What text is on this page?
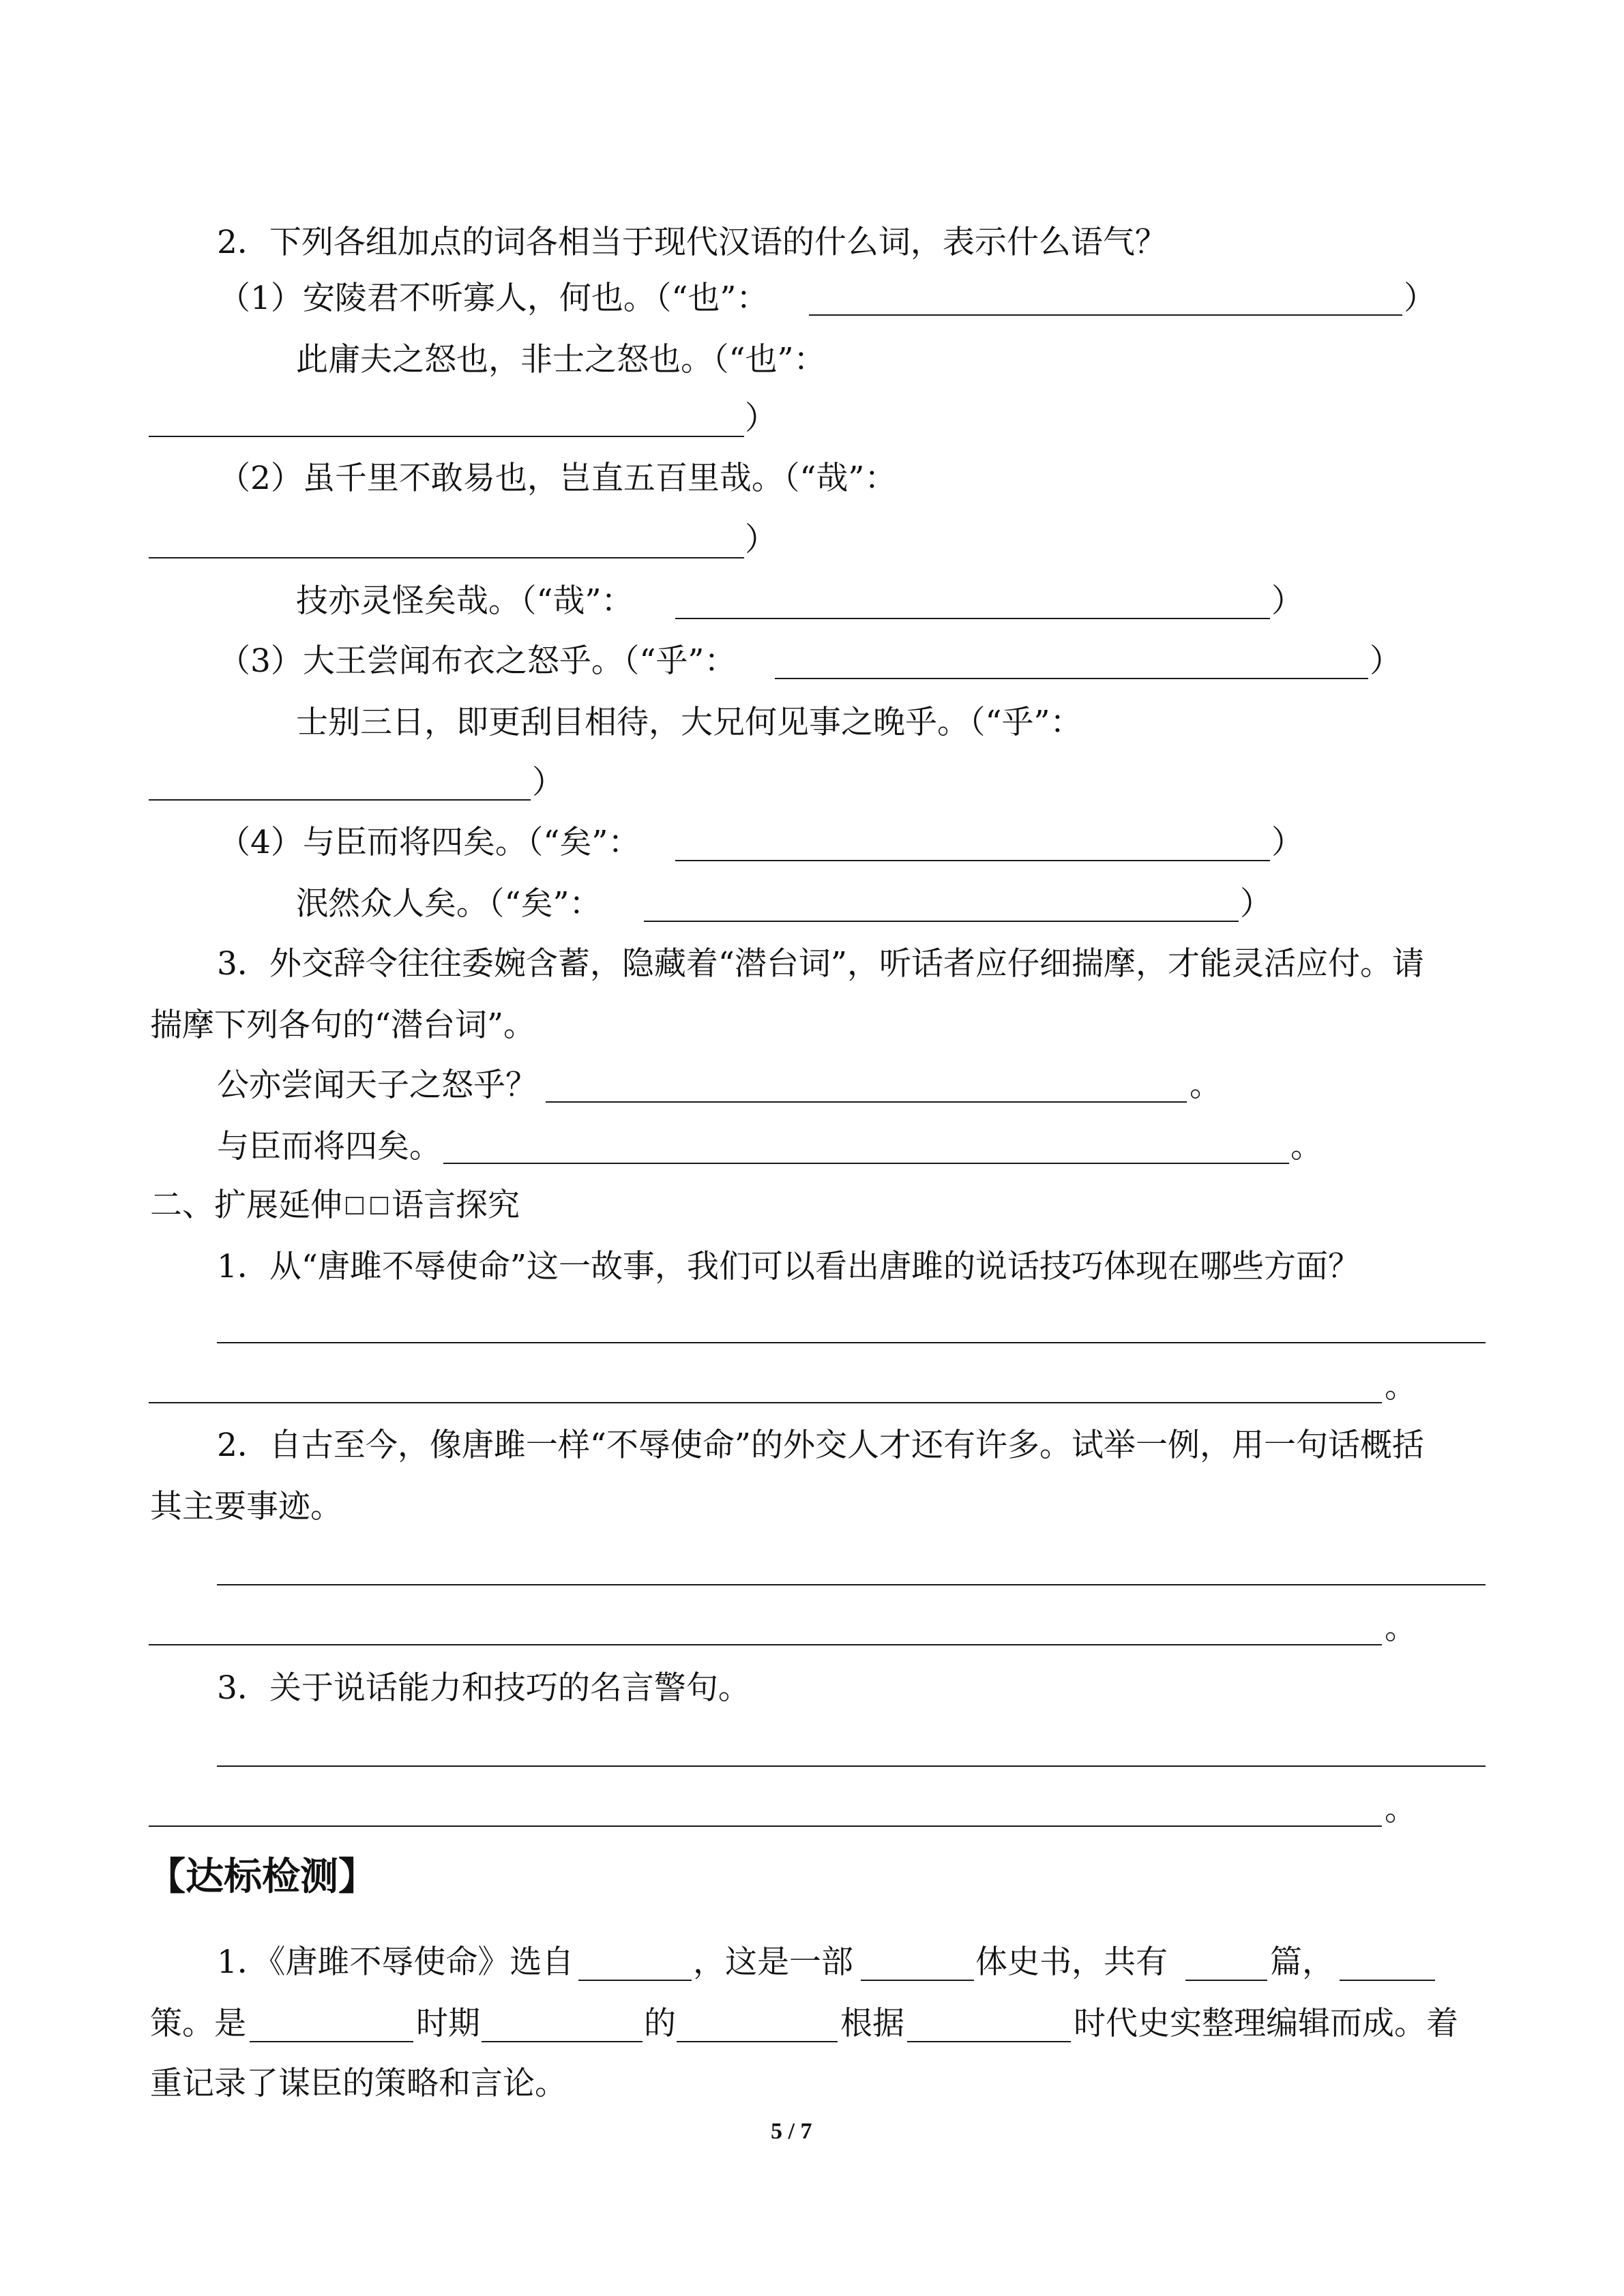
2．下列各组加点的词各相当于现代汉语的什么词，表示什么语气？
（1）安陵君不听寡人，何也。（“也”：	）
此庸夫之怒也，非士之怒也。（“也”：
）
（2）虽千里不敢易也，岂直五百里哉。（“哉”：
）
技亦灵怪矣哉。（“哉”：	）
（3）大王尝闻布衣之怒乎。（“乎”：	）
士别三日，即更刮目相待，大兄何见事之晚乎。（“乎”：
）
（4）与臣而将四矣。（“矣”：	）
泯然众人矣。（“矣”：	）
3．外交辞令往往委婉含蓄，隐藏着“潜台词”，听话者应仔细揣摩，才能灵活应付。请
揣摩下列各句的“潜台词”。
公亦尝闻天子之怒乎？	。
与臣而将四矣。	。
二、扩展延伸 语言探究
1．从“唐雎不辱使命”这一故事，我们可以看出唐雎的说话技巧体现在哪些方面？
。
2．自古至今，像唐雎一样“不辱使命”的外交人才还有许多。试举一例，用一句话概括
其主要事迹。
。
3．关于说话能力和技巧的名言警句。
。
【达标检测】
1．《唐雎不辱使命》选自	，这是一部	体史书，共有	篇，
策。是	时期	的	根据	时代史实整理编辑而成。着
重记录了谋臣的策略和言论。
5 / 7
